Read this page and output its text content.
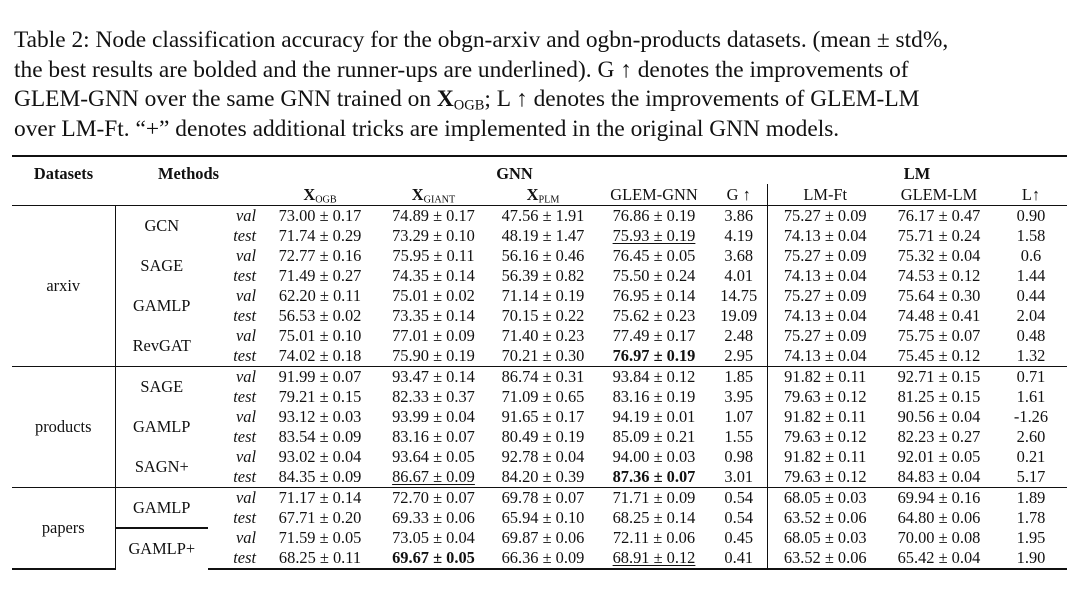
Table 2: Node classification accuracy for the obgn-arxiv and ogbn-products datasets. (mean ± std%,

the best results are bolded and the runner-ups are underlined). G ↑ denotes the improvements of

GLEM-GNN over the same GNN trained on $X_{OGB}$; L ↑ denotes the improvements of GLEM-LM

over LM-Ft. “+” denotes additional tricks are implemented in the original GNN models.

Datasets	Methods		GNN					LM		
			$X_{OGB}$	$X_{GIANT}$	$X_{PLM}$	GLEM-GNN	G ↑	LM-Ft	GLEM-LM	L↑
arxiv	GCN	val	73.00 ± 0.17	74.89 ± 0.17	47.56 ± 1.91	76.86 ± 0.19	3.86	75.27 ± 0.09	76.17 ± 0.47	0.90
		test	71.74 ± 0.29	73.29 ± 0.10	48.19 ± 1.47	75.93 ± 0.19	4.19	74.13 ± 0.04	75.71 ± 0.24	1.58
	SAGE	val	72.77 ± 0.16	75.95 ± 0.11	56.16 ± 0.46	76.45 ± 0.05	3.68	75.27 ± 0.09	75.32 ± 0.04	0.6
		test	71.49 ± 0.27	74.35 ± 0.14	56.39 ± 0.82	75.50 ± 0.24	4.01	74.13 ± 0.04	74.53 ± 0.12	1.44
	GAMLP	val	62.20 ± 0.11	75.01 ± 0.02	71.14 ± 0.19	76.95 ± 0.14	14.75	75.27 ± 0.09	75.64 ± 0.30	0.44
		test	56.53 ± 0.02	73.35 ± 0.14	70.15 ± 0.22	75.62 ± 0.23	19.09	74.13 ± 0.04	74.48 ± 0.41	2.04
	RevGAT	val	75.01 ± 0.10	77.01 ± 0.09	71.40 ± 0.23	77.49 ± 0.17	2.48	75.27 ± 0.09	75.75 ± 0.07	0.48
		test	74.02 ± 0.18	75.90 ± 0.19	70.21 ± 0.30	76.97 ± 0.19	2.95	74.13 ± 0.04	75.45 ± 0.12	1.32
products	SAGE	val	91.99 ± 0.07	93.47 ± 0.14	86.74 ± 0.31	93.84 ± 0.12	1.85	91.82 ± 0.11	92.71 ± 0.15	0.71
		test	79.21 ± 0.15	82.33 ± 0.37	71.09 ± 0.65	83.16 ± 0.19	3.95	79.63 ± 0.12	81.25 ± 0.15	1.61
	GAMLP	val	93.12 ± 0.03	93.99 ± 0.04	91.65 ± 0.17	94.19 ± 0.01	1.07	91.82 ± 0.11	90.56 ± 0.04	-1.26
		test	83.54 ± 0.09	83.16 ± 0.07	80.49 ± 0.19	85.09 ± 0.21	1.55	79.63 ± 0.12	82.23 ± 0.27	2.60
	SAGN+	val	93.02 ± 0.04	93.64 ± 0.05	92.78 ± 0.04	94.00 ± 0.03	0.98	91.82 ± 0.11	92.01 ± 0.05	0.21
		test	84.35 ± 0.09	86.67 ± 0.09	84.20 ± 0.39	87.36 ± 0.07	3.01	79.63 ± 0.12	84.83 ± 0.04	5.17
papers	GAMLP	val	71.17 ± 0.14	72.70 ± 0.07	69.78 ± 0.07	71.71 ± 0.09	0.54	68.05 ± 0.03	69.94 ± 0.16	1.89
		test	67.71 ± 0.20	69.33 ± 0.06	65.94 ± 0.10	68.25 ± 0.14	0.54	63.52 ± 0.06	64.80 ± 0.06	1.78
	GAMLP+	val	71.59 ± 0.05	73.05 ± 0.04	69.87 ± 0.06	72.11 ± 0.06	0.45	68.05 ± 0.03	70.00 ± 0.08	1.95
		test	68.25 ± 0.11	69.67 ± 0.05	66.36 ± 0.09	68.91 ± 0.12	0.41	63.52 ± 0.06	65.42 ± 0.04	1.90
